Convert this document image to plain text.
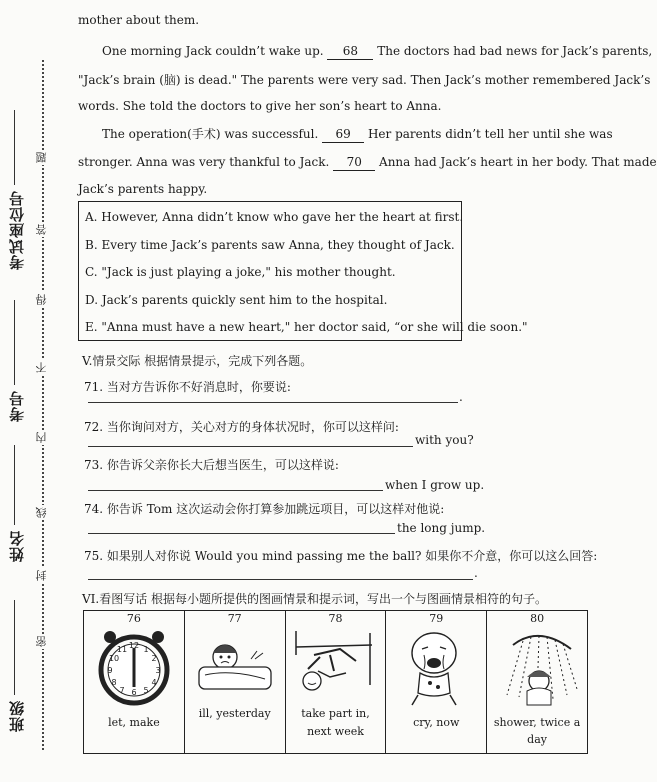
考试座位号
考号
姓名
班级
题
答
得
不
内
线
封
密
mother about them.
One morning Jack couldn’t wake up. 68 The doctors had bad news for Jack’s parents,
"Jack’s brain (脑) is dead." The parents were very sad. Then Jack’s mother remembered Jack’s
words. She told the doctors to give her son’s heart to Anna.
The operation(手术) was successful. 69 Her parents didn’t tell her until she was
stronger. Anna was very thankful to Jack. 70 Anna had Jack’s heart in her body. That made
Jack’s parents happy.
A. However, Anna didn’t know who gave her the heart at first.
B. Every time Jack’s parents saw Anna, they thought of Jack.
C. "Jack is just playing a joke," his mother thought.
D. Jack’s parents quickly sent him to the hospital.
E. "Anna must have a new heart," her doctor said, “or she will die soon."
V.情景交际 根据情景提示，完成下列各题。
71. 当对方告诉你不好消息时，你要说:
.
72. 当你询问对方，关心对方的身体状况时，你可以这样问:
with you?
73. 你告诉父亲你长大后想当医生，可以这样说:
when I grow up.
74. 你告诉 Tom 这次运动会你打算参加跳远项目，可以这样对他说:
the long jump.
75. 如果别人对你说 Would you mind passing me the ball? 如果你不介意，你可以这么回答:
.
VI.看图写话 根据每小题所提供的图画情景和提示词，写出一个与图画情景相符的句子。
76
12
6
3
9
1
2
4
5
7
8
10
11
let, make
77
ill, yesterday
78
take part in,
next week
79
cry, now
80
shower, twice a day
